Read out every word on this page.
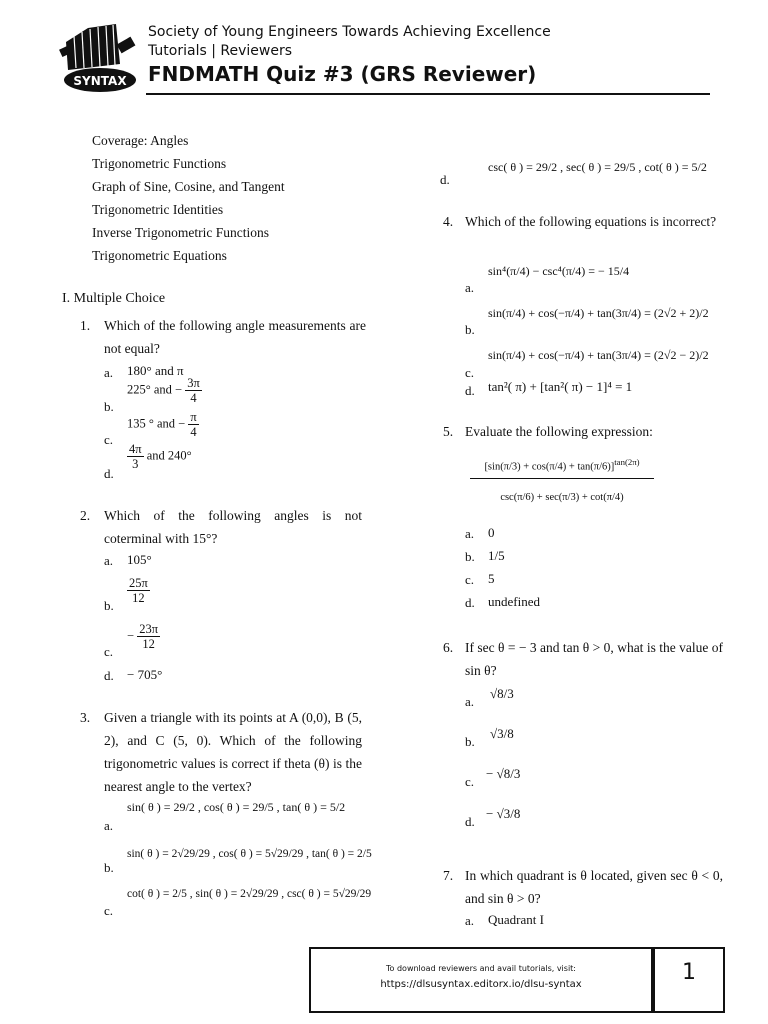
SYNTAX
Society of Young Engineers Towards Achieving Excellence
Tutorials | Reviewers
FNDMATH Quiz #3 (GRS Reviewer)
Coverage: Angles
Trigonometric Functions
Graph of Sine, Cosine, and Tangent
Trigonometric Identities
Inverse Trigonometric Functions
Trigonometric Equations
I. Multiple Choice
1.	Which of the following angle measurements are not equal?
a. 180° and π
b.
225° and − $\frac{3\pi}{4}$
c.
135 ° and − $\frac{\pi}{4}$
d.
$\frac{4\pi}{3}$ and 240°
2. Which of the following angles is not coterminal with 15°?
a. 105°
b.
$\frac{25\pi}{12}$
c.
− $\frac{23\pi}{12}$
d. − 705°
3. Given a triangle with its points at A (0,0), B (5, 2), and C (5, 0). Which of the following trigonometric values is correct if theta (θ) is the nearest angle to the vertex?
a.
sin( θ ) = 29/2 , cos( θ ) = 29/5 , tan( θ ) = 5/2
b.
sin( θ ) = 2√29/29 , cos( θ ) = 5√29/29 , tan( θ ) = 2/5
c.
cot( θ ) = 2/5 , sin( θ ) = 2√29/29 , csc( θ ) = 5√29/29
d.
csc( θ ) = 29/2 , sec( θ ) = 29/5 , cot( θ ) = 5/2
4. Which of the following equations is incorrect?
a.
sin⁴(π/4) − csc⁴(π/4) = − 15/4
b.
sin(π/4) + cos(−π/4) + tan(3π/4) = (2√2 + 2)/2
c.
sin(π/4) + cos(−π/4) + tan(3π/4) = (2√2 − 2)/2
d. tan²( π) + [tan²( π) − 1]⁴ = 1
5. Evaluate the following expression:
$[\sin(\pi/3) + \cos(\pi/4) + \tan(\pi/6)]^{tan(2\pi)}$
csc(π/6) + sec(π/3) + cot(π/4)
a. 0
b. 1/5
c. 5
d. undefined
6. If sec θ = − 3 and tan θ > 0, what is the value of sin θ?
a.
√8/3
b.
√3/8
c.
− √8/3
d.
− √3/8
7. In which quadrant is θ located, given sec θ < 0, and sin θ > 0?
a. Quadrant I
To download reviewers and avail tutorials, visit:
https://dlsusyntax.editorx.io/dlsu-syntax	1
